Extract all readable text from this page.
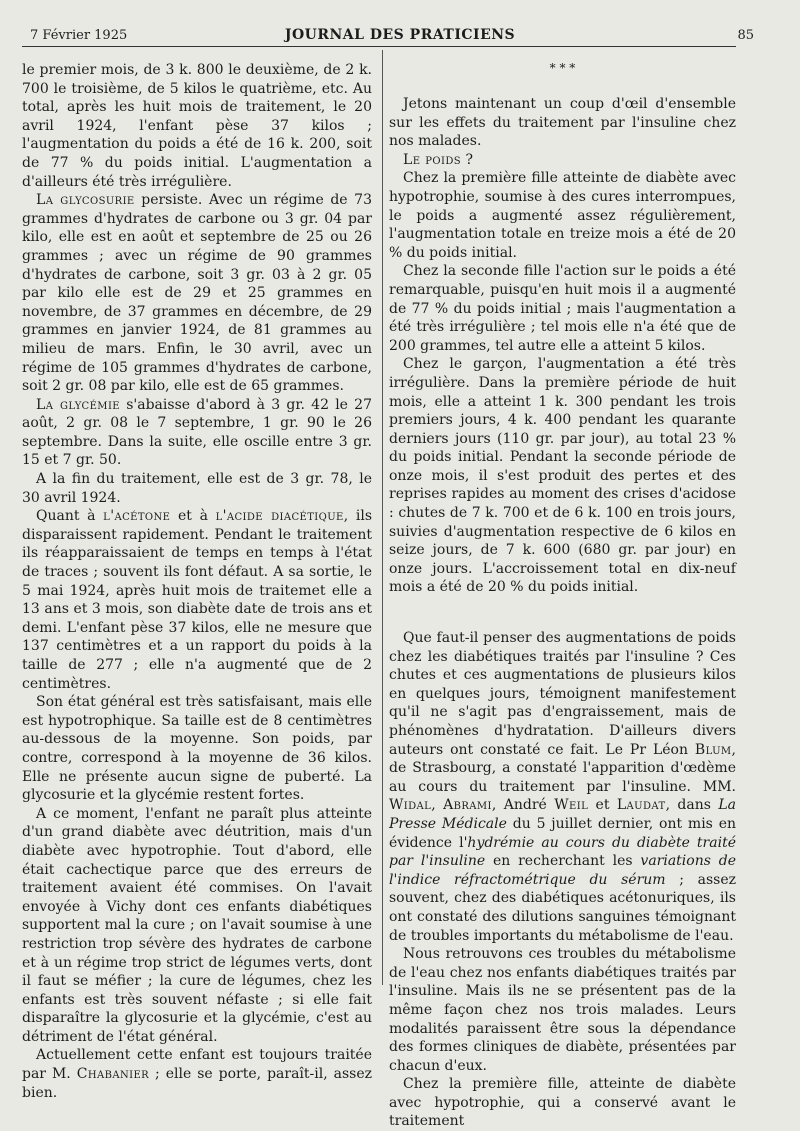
7 Février 1925	JOURNAL DES PRATICIENS	85

le premier mois, de 3 k. 800 le deuxième, de 2 k. 700 le troisième, de 5 kilos le quatrième, etc. Au total, après les huit mois de traitement, le 20 avril 1924, l'enfant pèse 37 kilos ; l'augmentation du poids a été de 16 k. 200, soit de 77 % du poids initial. L'augmentation a d'ailleurs été très irrégulière.

La glycosurie persiste. Avec un régime de 73 grammes d'hydrates de carbone ou 3 gr. 04 par kilo, elle est en août et septembre de 25 ou 26 grammes ; avec un régime de 90 grammes d'hydrates de carbone, soit 3 gr. 03 à 2 gr. 05 par kilo elle est de 29 et 25 grammes en novembre, de 37 grammes en décembre, de 29 grammes en janvier 1924, de 81 grammes au milieu de mars. Enfin, le 30 avril, avec un régime de 105 grammes d'hydrates de carbone, soit 2 gr. 08 par kilo, elle est de 65 grammes.

La glycémie s'abaisse d'abord à 3 gr. 42 le 27 août, 2 gr. 08 le 7 septembre, 1 gr. 90 le 26 septembre. Dans la suite, elle oscille entre 3 gr. 15 et 7 gr. 50.

A la fin du traitement, elle est de 3 gr. 78, le 30 avril 1924.

Quant à l'acétone et à l'acide diacétique, ils disparaissent rapidement. Pendant le traitement ils réapparaissaient de temps en temps à l'état de traces ; souvent ils font défaut. A sa sortie, le 5 mai 1924, après huit mois de traitemet elle a 13 ans et 3 mois, son diabète date de trois ans et demi. L'enfant pèse 37 kilos, elle ne mesure que 137 centimètres et a un rapport du poids à la taille de 277 ; elle n'a augmenté que de 2 centimètres.

Son état général est très satisfaisant, mais elle est hypotrophique. Sa taille est de 8 centimètres au-dessous de la moyenne. Son poids, par contre, correspond à la moyenne de 36 kilos. Elle ne présente aucun signe de puberté. La glycosurie et la glycémie restent fortes.

A ce moment, l'enfant ne paraît plus atteinte d'un grand diabète avec déutrition, mais d'un diabète avec hypotrophie. Tout d'abord, elle était cachectique parce que des erreurs de traitement avaient été commises. On l'avait envoyée à Vichy dont ces enfants diabétiques supportent mal la cure ; on l'avait soumise à une restriction trop sévère des hydrates de carbone et à un régime trop strict de légumes verts, dont il faut se méfier ; la cure de légumes, chez les enfants est très souvent néfaste ; si elle fait disparaître la glycosurie et la glycémie, c'est au détriment de l'état général.

Actuellement cette enfant est toujours traitée par M. Chabanier ; elle se porte, paraît-il, assez bien.

* * *

Jetons maintenant un coup d'œil d'ensemble sur les effets du traitement par l'insuline chez nos malades.

Le poids ?

Chez la première fille atteinte de diabète avec hypotrophie, soumise à des cures interrompues, le poids a augmenté assez régulièrement, l'augmentation totale en treize mois a été de 20 % du poids initial.

Chez la seconde fille l'action sur le poids a été remarquable, puisqu'en huit mois il a augmenté de 77 % du poids initial ; mais l'augmentation a été très irrégulière ; tel mois elle n'a été que de 200 grammes, tel autre elle a atteint 5 kilos.

Chez le garçon, l'augmentation a été très irrégulière. Dans la première période de huit mois, elle a atteint 1 k. 300 pendant les trois premiers jours, 4 k. 400 pendant les quarante derniers jours (110 gr. par jour), au total 23 % du poids initial. Pendant la seconde période de onze mois, il s'est produit des pertes et des reprises rapides au moment des crises d'acidose : chutes de 7 k. 700 et de 6 k. 100 en trois jours, suivies d'augmentation respective de 6 kilos en seize jours, de 7 k. 600 (680 gr. par jour) en onze jours. L'accroissement total en dix-neuf mois a été de 20 % du poids initial.

Que faut-il penser des augmentations de poids chez les diabétiques traités par l'insuline ? Ces chutes et ces augmentations de plusieurs kilos en quelques jours, témoignent manifestement qu'il ne s'agit pas d'engraissement, mais de phénomènes d'hydratation. D'ailleurs divers auteurs ont constaté ce fait. Le Pr Léon Blum, de Strasbourg, a constaté l'apparition d'œdème au cours du traitement par l'insuline. MM. Widal, Abrami, André Weil et Laudat, dans La Presse Médicale du 5 juillet dernier, ont mis en évidence l'hydrémie au cours du diabète traité par l'insuline en recherchant les variations de l'indice réfractométrique du sérum ; assez souvent, chez des diabétiques acétonuriques, ils ont constaté des dilutions sanguines témoignant de troubles importants du métabolisme de l'eau.

Nous retrouvons ces troubles du métabolisme de l'eau chez nos enfants diabétiques traités par l'insuline. Mais ils ne se présentent pas de la même façon chez nos trois malades. Leurs modalités paraissent être sous la dépendance des formes cliniques de diabète, présentées par chacun d'eux.

Chez la première fille, atteinte de diabète avec hypotrophie, qui a conservé avant le traitement
